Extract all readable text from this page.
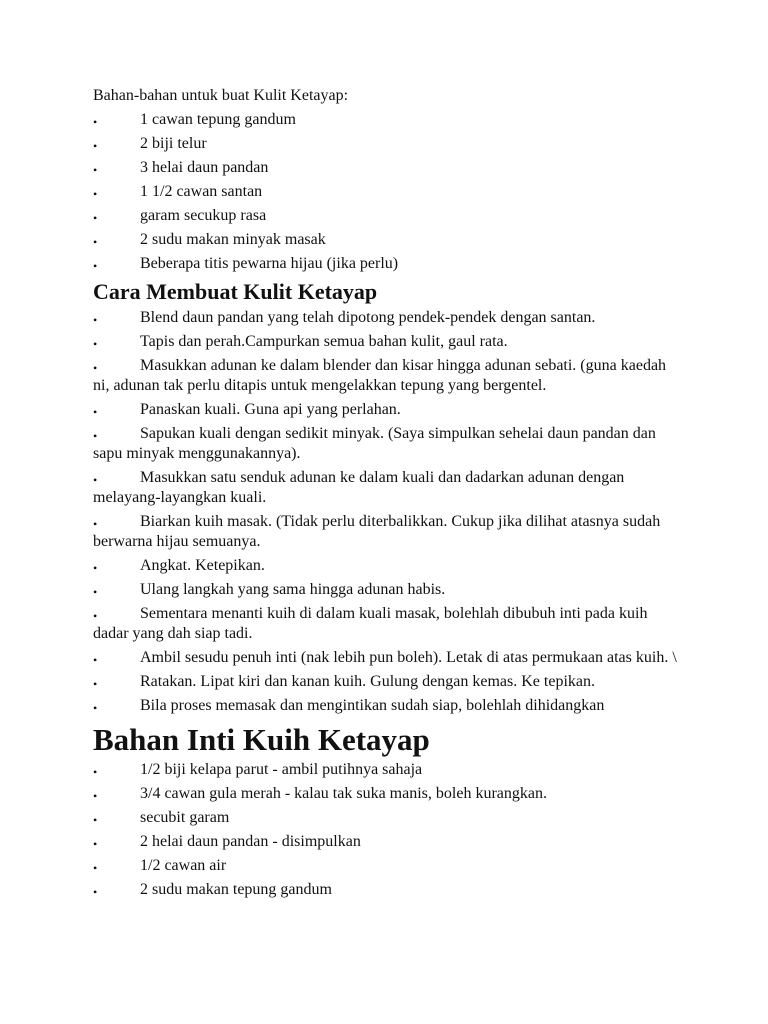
Bahan-bahan untuk buat Kulit Ketayap:

•	1 cawan tepung gandum
•	2 biji telur
•	3 helai daun pandan
•	1 1/2 cawan santan
•	garam secukup rasa
•	2 sudu makan minyak masak
•	Beberapa titis pewarna hijau (jika perlu)
Cara Membuat Kulit Ketayap
•	Blend daun pandan yang telah dipotong pendek-pendek dengan santan.
•	Tapis dan perah.Campurkan semua bahan kulit, gaul rata.
•	Masukkan adunan ke dalam blender dan kisar hingga adunan sebati. (guna kaedah ni, adunan tak perlu ditapis untuk mengelakkan tepung yang bergentel.
•	Panaskan kuali. Guna api yang perlahan.
•	Sapukan kuali dengan sedikit minyak. (Saya simpulkan sehelai daun pandan dan sapu minyak menggunakannya).
•	Masukkan satu senduk adunan ke dalam kuali dan dadarkan adunan dengan melayang-layangkan kuali.
•	Biarkan kuih masak. (Tidak perlu diterbalikkan. Cukup jika dilihat atasnya sudah berwarna hijau semuanya.
•	Angkat. Ketepikan.
•	Ulang langkah yang sama hingga adunan habis.
•	Sementara menanti kuih di dalam kuali masak, bolehlah dibubuh inti pada kuih dadar yang dah siap tadi.
•	Ambil sesudu penuh inti (nak lebih pun boleh). Letak di atas permukaan atas kuih. \
•	Ratakan. Lipat kiri dan kanan kuih. Gulung dengan kemas. Ke tepikan.
•	Bila proses memasak dan mengintikan sudah siap, bolehlah dihidangkan
Bahan Inti Kuih Ketayap
•	1/2 biji kelapa parut - ambil putihnya sahaja
•	3/4 cawan gula merah - kalau tak suka manis, boleh kurangkan.
•	secubit garam
•	2 helai daun pandan - disimpulkan
•	1/2 cawan air
•	2 sudu makan tepung gandum
